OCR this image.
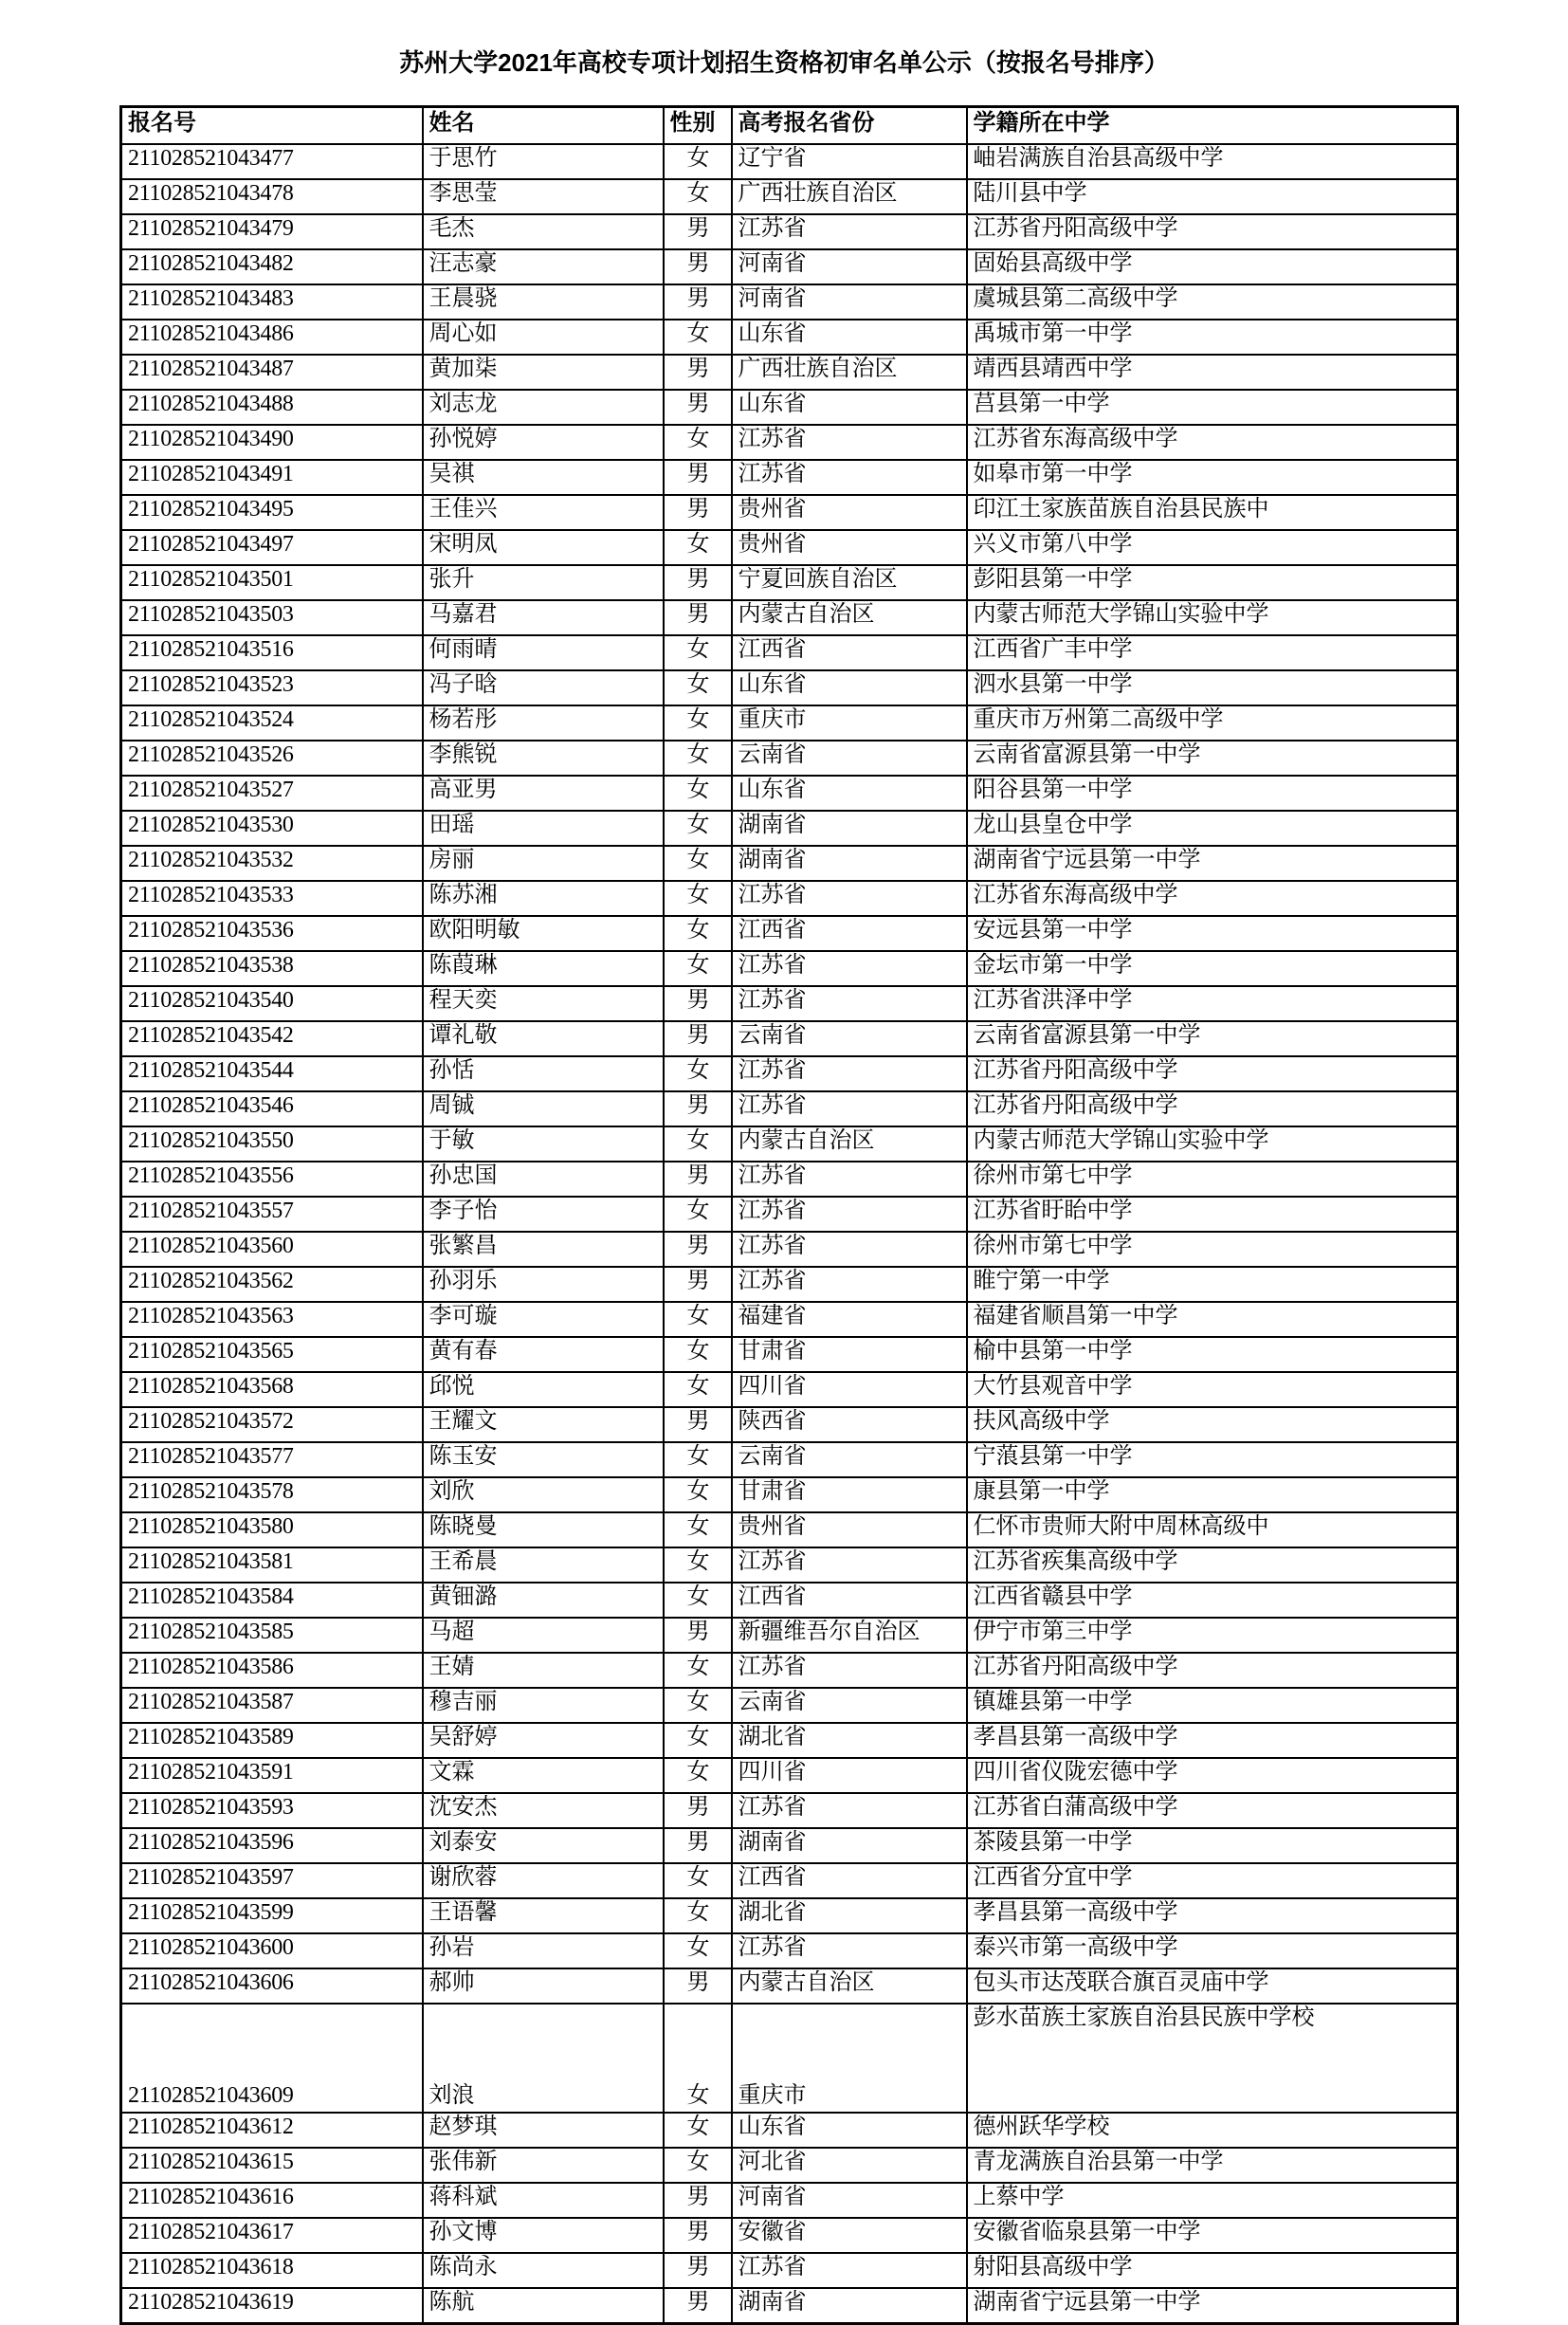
苏州大学2021年高校专项计划招生资格初审名单公示（按报名号排序）
报名号	姓名	性别	高考报名省份	学籍所在中学
211028521043477	于思竹	女	辽宁省	岫岩满族自治县高级中学
211028521043478	李思莹	女	广西壮族自治区	陆川县中学
211028521043479	毛杰	男	江苏省	江苏省丹阳高级中学
211028521043482	汪志豪	男	河南省	固始县高级中学
211028521043483	王晨骁	男	河南省	虞城县第二高级中学
211028521043486	周心如	女	山东省	禹城市第一中学
211028521043487	黄加柒	男	广西壮族自治区	靖西县靖西中学
211028521043488	刘志龙	男	山东省	莒县第一中学
211028521043490	孙悦婷	女	江苏省	江苏省东海高级中学
211028521043491	吴祺	男	江苏省	如皋市第一中学
211028521043495	王佳兴	男	贵州省	印江土家族苗族自治县民族中
211028521043497	宋明凤	女	贵州省	兴义市第八中学
211028521043501	张升	男	宁夏回族自治区	彭阳县第一中学
211028521043503	马嘉君	男	内蒙古自治区	内蒙古师范大学锦山实验中学
211028521043516	何雨晴	女	江西省	江西省广丰中学
211028521043523	冯子晗	女	山东省	泗水县第一中学
211028521043524	杨若彤	女	重庆市	重庆市万州第二高级中学
211028521043526	李熊锐	女	云南省	云南省富源县第一中学
211028521043527	高亚男	女	山东省	阳谷县第一中学
211028521043530	田瑶	女	湖南省	龙山县皇仓中学
211028521043532	房丽	女	湖南省	湖南省宁远县第一中学
211028521043533	陈苏湘	女	江苏省	江苏省东海高级中学
211028521043536	欧阳明敏	女	江西省	安远县第一中学
211028521043538	陈葭琳	女	江苏省	金坛市第一中学
211028521043540	程天奕	男	江苏省	江苏省洪泽中学
211028521043542	谭礼敬	男	云南省	云南省富源县第一中学
211028521043544	孙恬	女	江苏省	江苏省丹阳高级中学
211028521043546	周铖	男	江苏省	江苏省丹阳高级中学
211028521043550	于敏	女	内蒙古自治区	内蒙古师范大学锦山实验中学
211028521043556	孙忠国	男	江苏省	徐州市第七中学
211028521043557	李子怡	女	江苏省	江苏省盱眙中学
211028521043560	张繁昌	男	江苏省	徐州市第七中学
211028521043562	孙羽乐	男	江苏省	睢宁第一中学
211028521043563	李可璇	女	福建省	福建省顺昌第一中学
211028521043565	黄有春	女	甘肃省	榆中县第一中学
211028521043568	邱悦	女	四川省	大竹县观音中学
211028521043572	王耀文	男	陕西省	扶风高级中学
211028521043577	陈玉安	女	云南省	宁蒗县第一中学
211028521043578	刘欣	女	甘肃省	康县第一中学
211028521043580	陈晓曼	女	贵州省	仁怀市贵师大附中周林高级中
211028521043581	王希晨	女	江苏省	江苏省疾集高级中学
211028521043584	黄钿潞	女	江西省	江西省赣县中学
211028521043585	马超	男	新疆维吾尔自治区	伊宁市第三中学
211028521043586	王婧	女	江苏省	江苏省丹阳高级中学
211028521043587	穆吉丽	女	云南省	镇雄县第一中学
211028521043589	吴舒婷	女	湖北省	孝昌县第一高级中学
211028521043591	文霖	女	四川省	四川省仪陇宏德中学
211028521043593	沈安杰	男	江苏省	江苏省白蒲高级中学
211028521043596	刘泰安	男	湖南省	茶陵县第一中学
211028521043597	谢欣蓉	女	江西省	江西省分宜中学
211028521043599	王语馨	女	湖北省	孝昌县第一高级中学
211028521043600	孙岩	女	江苏省	泰兴市第一高级中学
211028521043606	郝帅	男	内蒙古自治区	包头市达茂联合旗百灵庙中学
211028521043609	刘浪	女	重庆市	彭水苗族土家族自治县民族中学校
211028521043612	赵梦琪	女	山东省	德州跃华学校
211028521043615	张伟新	女	河北省	青龙满族自治县第一中学
211028521043616	蒋科斌	男	河南省	上蔡中学
211028521043617	孙文博	男	安徽省	安徽省临泉县第一中学
211028521043618	陈尚永	男	江苏省	射阳县高级中学
211028521043619	陈航	男	湖南省	湖南省宁远县第一中学
